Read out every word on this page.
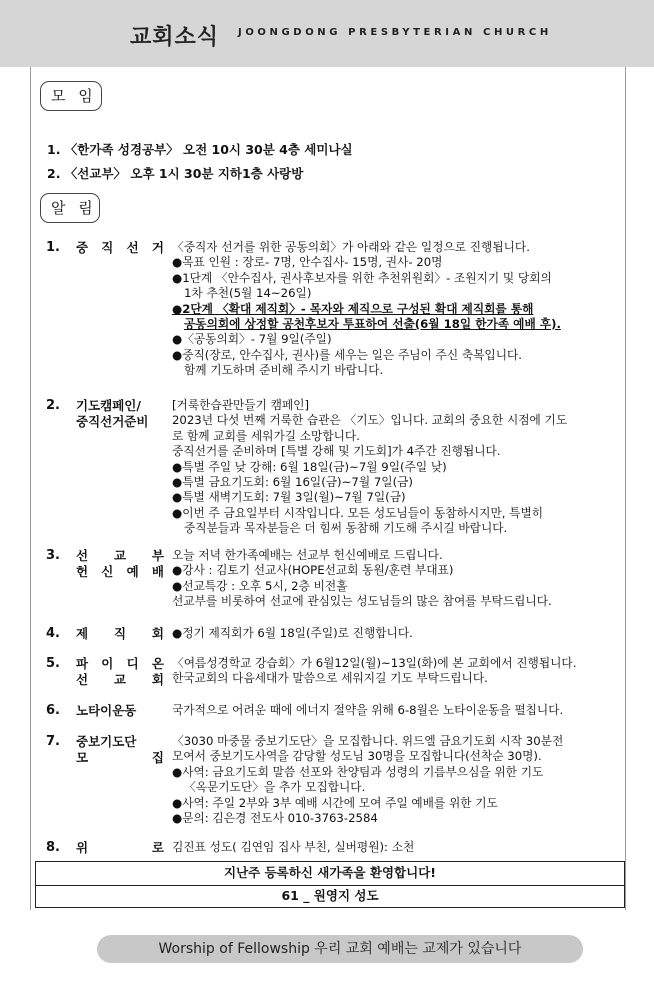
교회소식 JOONGDONG PRESBYTERIAN CHURCH
모 임
1. 〈한가족 성경공부〉 오전 10시 30분 4층 세미나실
2. 〈선교부〉 오후 1시 30분 지하1층 사랑방
알 림
1. 중 직 선 거 〈중직자 선거를 위한 공동의회〉가 아래와 같은 일정으로 진행됩니다.
●목표 인원 : 장로- 7명, 안수집사- 15명, 권사- 20명
●1단계 〈안수집사, 권사후보자를 위한 추천위원회〉- 조원지기 및 당회의
1차 추천(5월 14~26일)
●2단계 〈확대 제직회〉- 목자와 제직으로 구성된 확대 제직회를 통해
공동의회에 상정할 공천후보자 투표하여 선출(6월 18일 한가족 예배 후).
●〈공동의회〉- 7월 9일(주일)
●중직(장로, 안수집사, 권사)를 세우는 일은 주님이 주신 축복입니다.
함께 기도하며 준비해 주시기 바랍니다.
2. 기도캠페인/
중직선거준비
[거룩한습관만들기 캠페인]
2023년 다섯 번째 거룩한 습관은 〈기도〉입니다. 교회의 중요한 시점에 기도
로 함께 교회를 세워가길 소망합니다.
중직선거를 준비하며 [특별 강해 및 기도회]가 4주간 진행됩니다.
●특별 주일 낮 강해: 6월 18일(금)~7월 9일(주일 낮)
●특별 금요기도회: 6월 16일(금)~7월 7일(금)
●특별 새벽기도회: 7월 3일(월)~7월 7일(금)
●이번 주 금요일부터 시작입니다. 모든 성도님들이 동참하시지만, 특별히
중직분들과 목자분들은 더 힘써 동참해 기도해 주시길 바랍니다.
3. 선 교 부
헌 신 예 배
오늘 저녁 한가족예배는 선교부 헌신예배로 드립니다.
●강사 : 김토기 선교사(HOPE선교회 동원/훈련 부대표)
●선교특강 : 오후 5시, 2층 비전홀
선교부를 비롯하여 선교에 관심있는 성도님들의 많은 참여를 부탁드립니다.
4. 제 직 회 ●정기 제직회가 6월 18일(주일)로 진행합니다.
5. 파 이 디 온
선 교 회
〈여름성경학교 강습회〉가 6월12일(월)~13일(화)에 본 교회에서 진행됩니다.
한국교회의 다음세대가 말씀으로 세워지길 기도 부탁드립니다.
6. 노타이운동	국가적으로 어려운 때에 에너지 절약을 위해 6-8월은 노타이운동을 펼칩니다.
7. 중보기도단
모 집
〈3030 마중물 중보기도단〉을 모집합니다. 위드엘 금요기도회 시작 30분전
모여서 중보기도사역을 감당할 성도님 30명을 모집합니다(선착순 30명).
●사역: 금요기도회 말씀 선포와 찬양팀과 성령의 기름부으심을 위한 기도
〈옥문기도단〉을 추가 모집합니다.
●사역: 주일 2부와 3부 예배 시간에 모여 주일 예배를 위한 기도
●문의: 김은경 전도사 010-3763-2584
8. 위 로 김진표 성도( 김연임 집사 부친, 실버평원): 소천
지난주 등록하신 새가족을 환영합니다!
61 _ 원영지 성도
Worship of Fellowship 우리 교회 예배는 교제가 있습니다
